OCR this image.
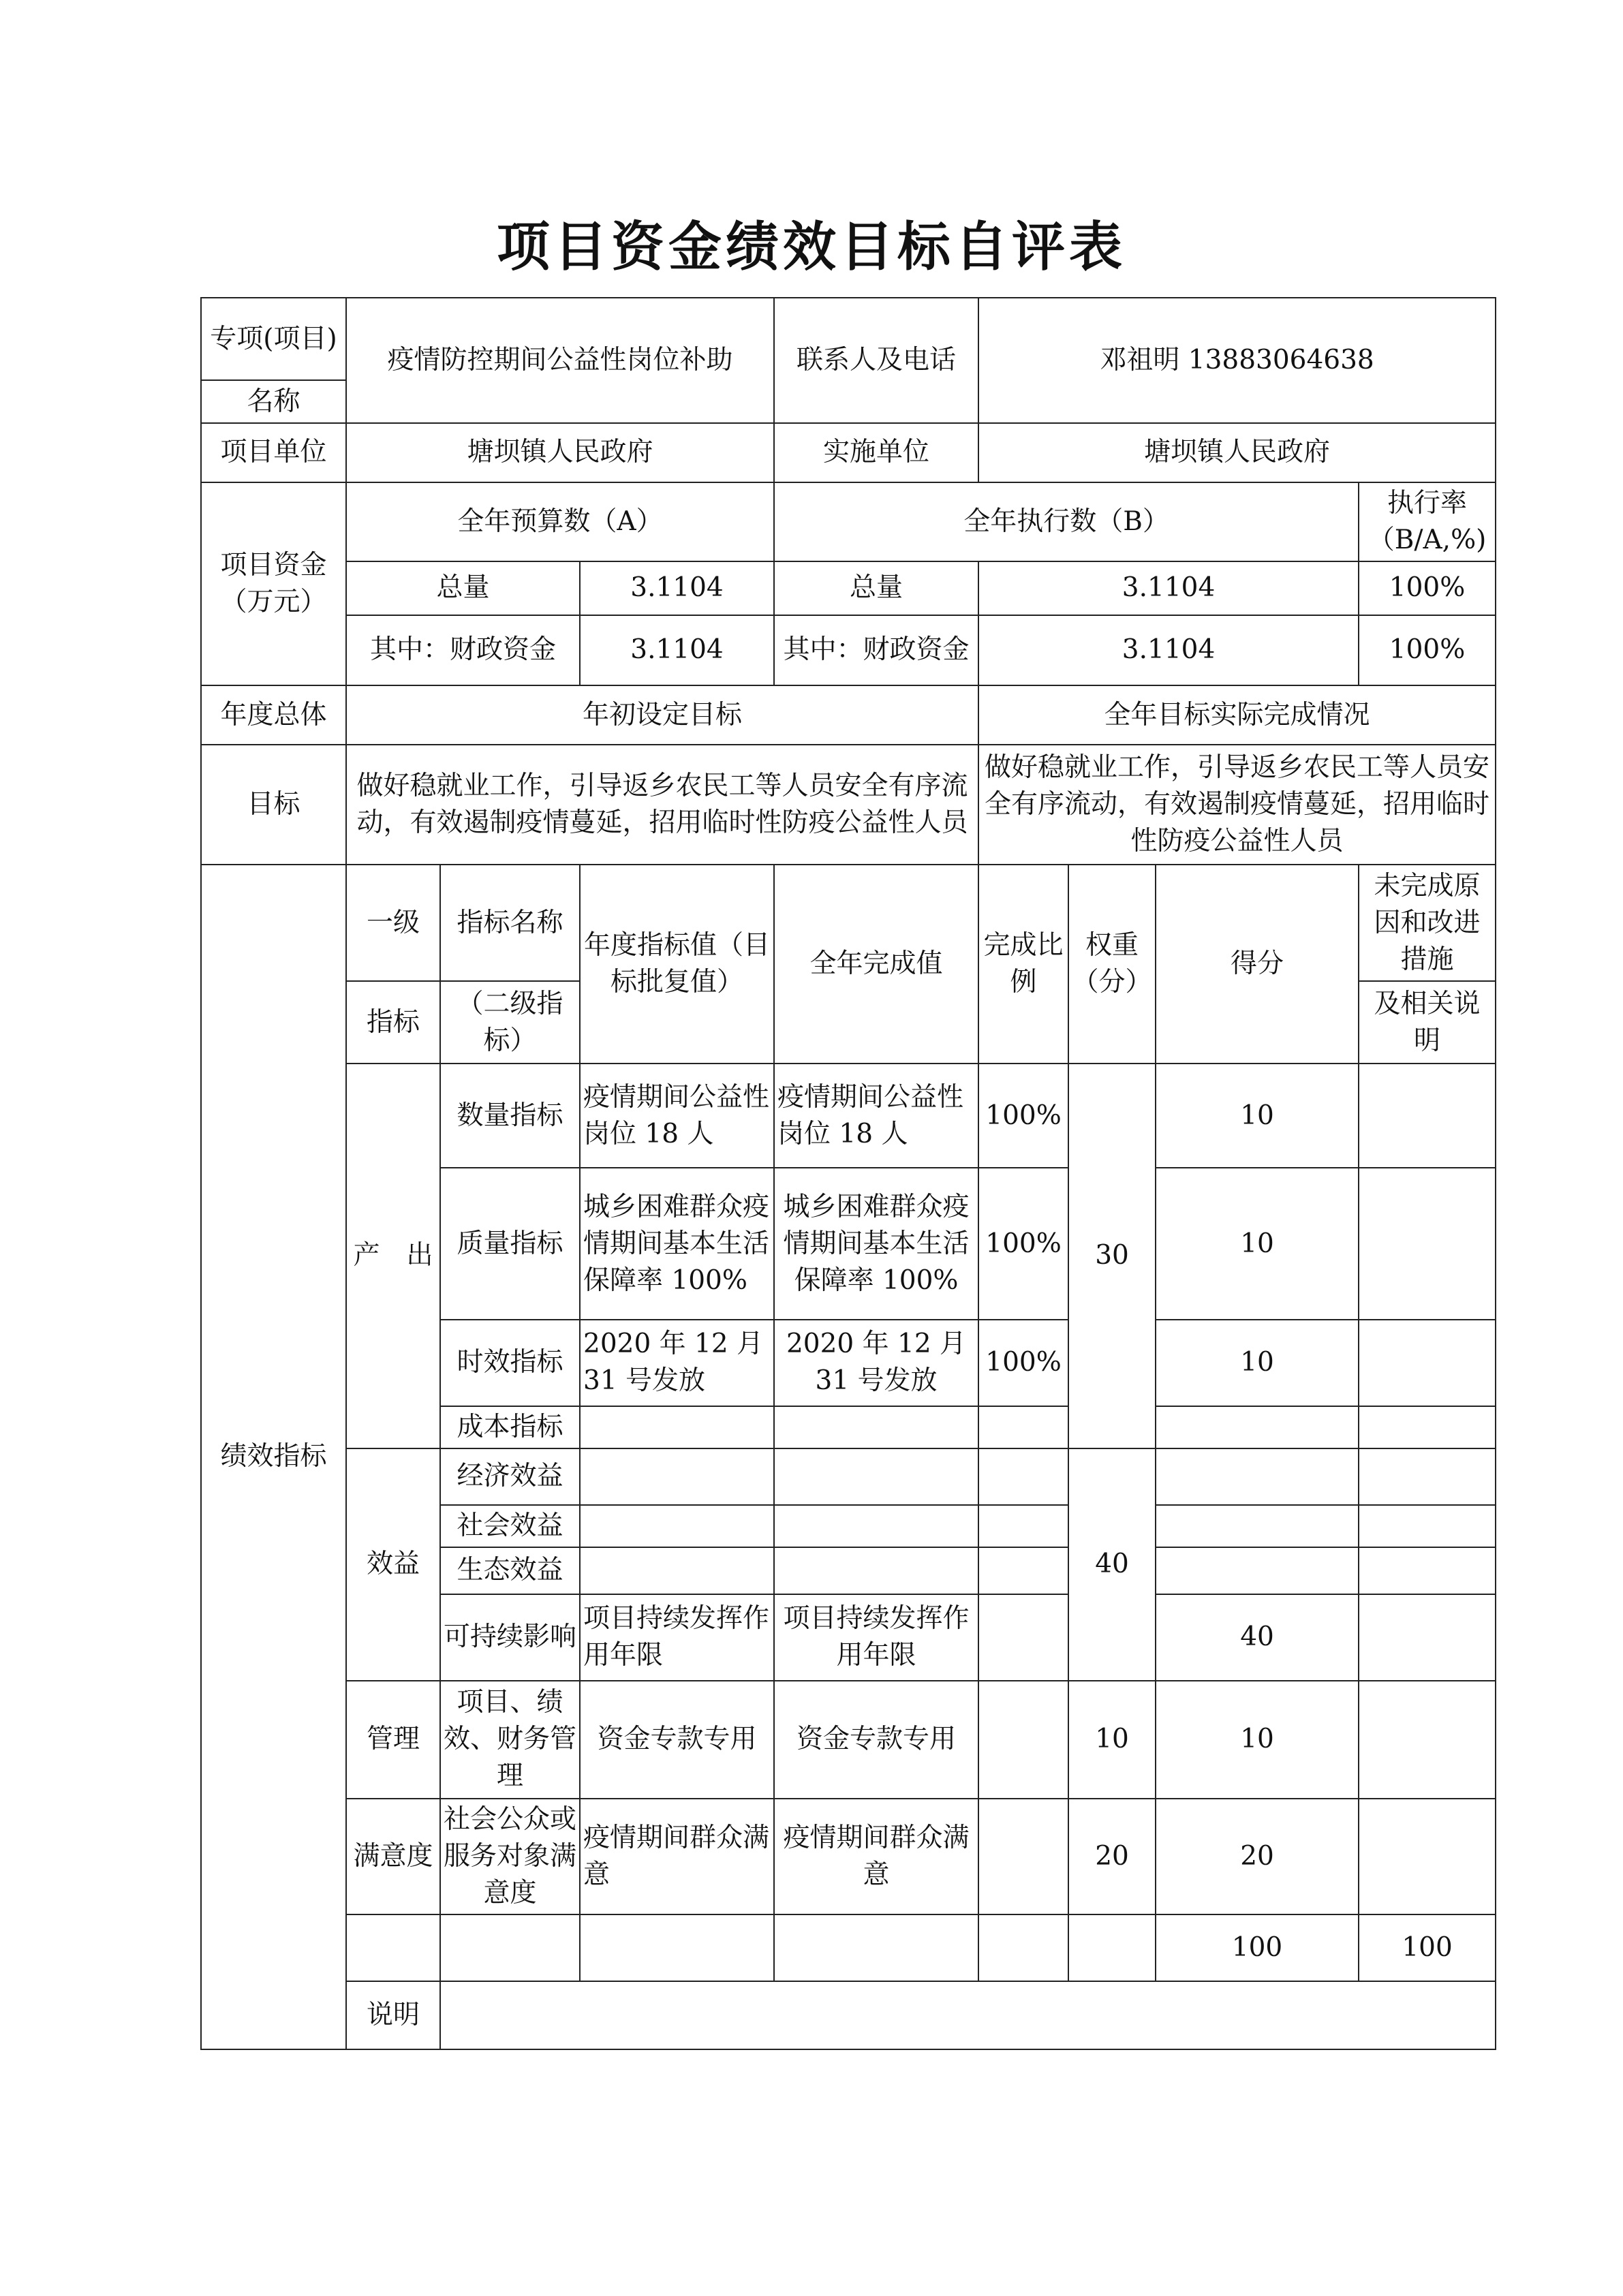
项目资金绩效目标自评表
专项(项目)	疫情防控期间公益性岗位补助			联系人及电话	邓祖明 13883064638				
名称									
项目单位	塘坝镇人民政府			实施单位	塘坝镇人民政府				
项目资金（万元）	全年预算数（A）			全年执行数（B）				执行率（B/A,%)	
	总量		3.1104	总量	3.1104			100%	
	其中：财政资金		3.1104	其中：财政资金	3.1104			100%	
年度总体	年初设定目标				全年目标实际完成情况				
目标	做好稳就业工作，引导返乡农民工等人员安全有序流动，有效遏制疫情蔓延，招用临时性防疫公益性人员				做好稳就业工作，引导返乡农民工等人员安全有序流动，有效遏制疫情蔓延，招用临时性防疫公益性人员				
绩效指标	一级	指标名称	年度指标值（目标批复值）	全年完成值	完成比例	权重（分）	得分	未完成原因和改进措施	
	指标	（二级指标）						及相关说明	
	产　出	数量指标	疫情期间公益性岗位 18 人	疫情期间公益性岗位 18 人	100%	30	10		
		质量指标	城乡困难群众疫情期间基本生活保障率 100%	城乡困难群众疫情期间基本生活保障率 100%	100%		10		
		时效指标	2020 年 12 月 31 号发放	2020 年 12 月 31 号发放	100%		10		
		成本指标							
	效益	经济效益				40			
		社会效益							
		生态效益							
		可持续影响	项目持续发挥作用年限	项目持续发挥作用年限			40		
	管理	项目、绩效、财务管理	资金专款专用	资金专款专用		10	10		
	满意度	社会公众或服务对象满意度	疫情期间群众满意	疫情期间群众满意		20	20		
							100	100	
	说明								
